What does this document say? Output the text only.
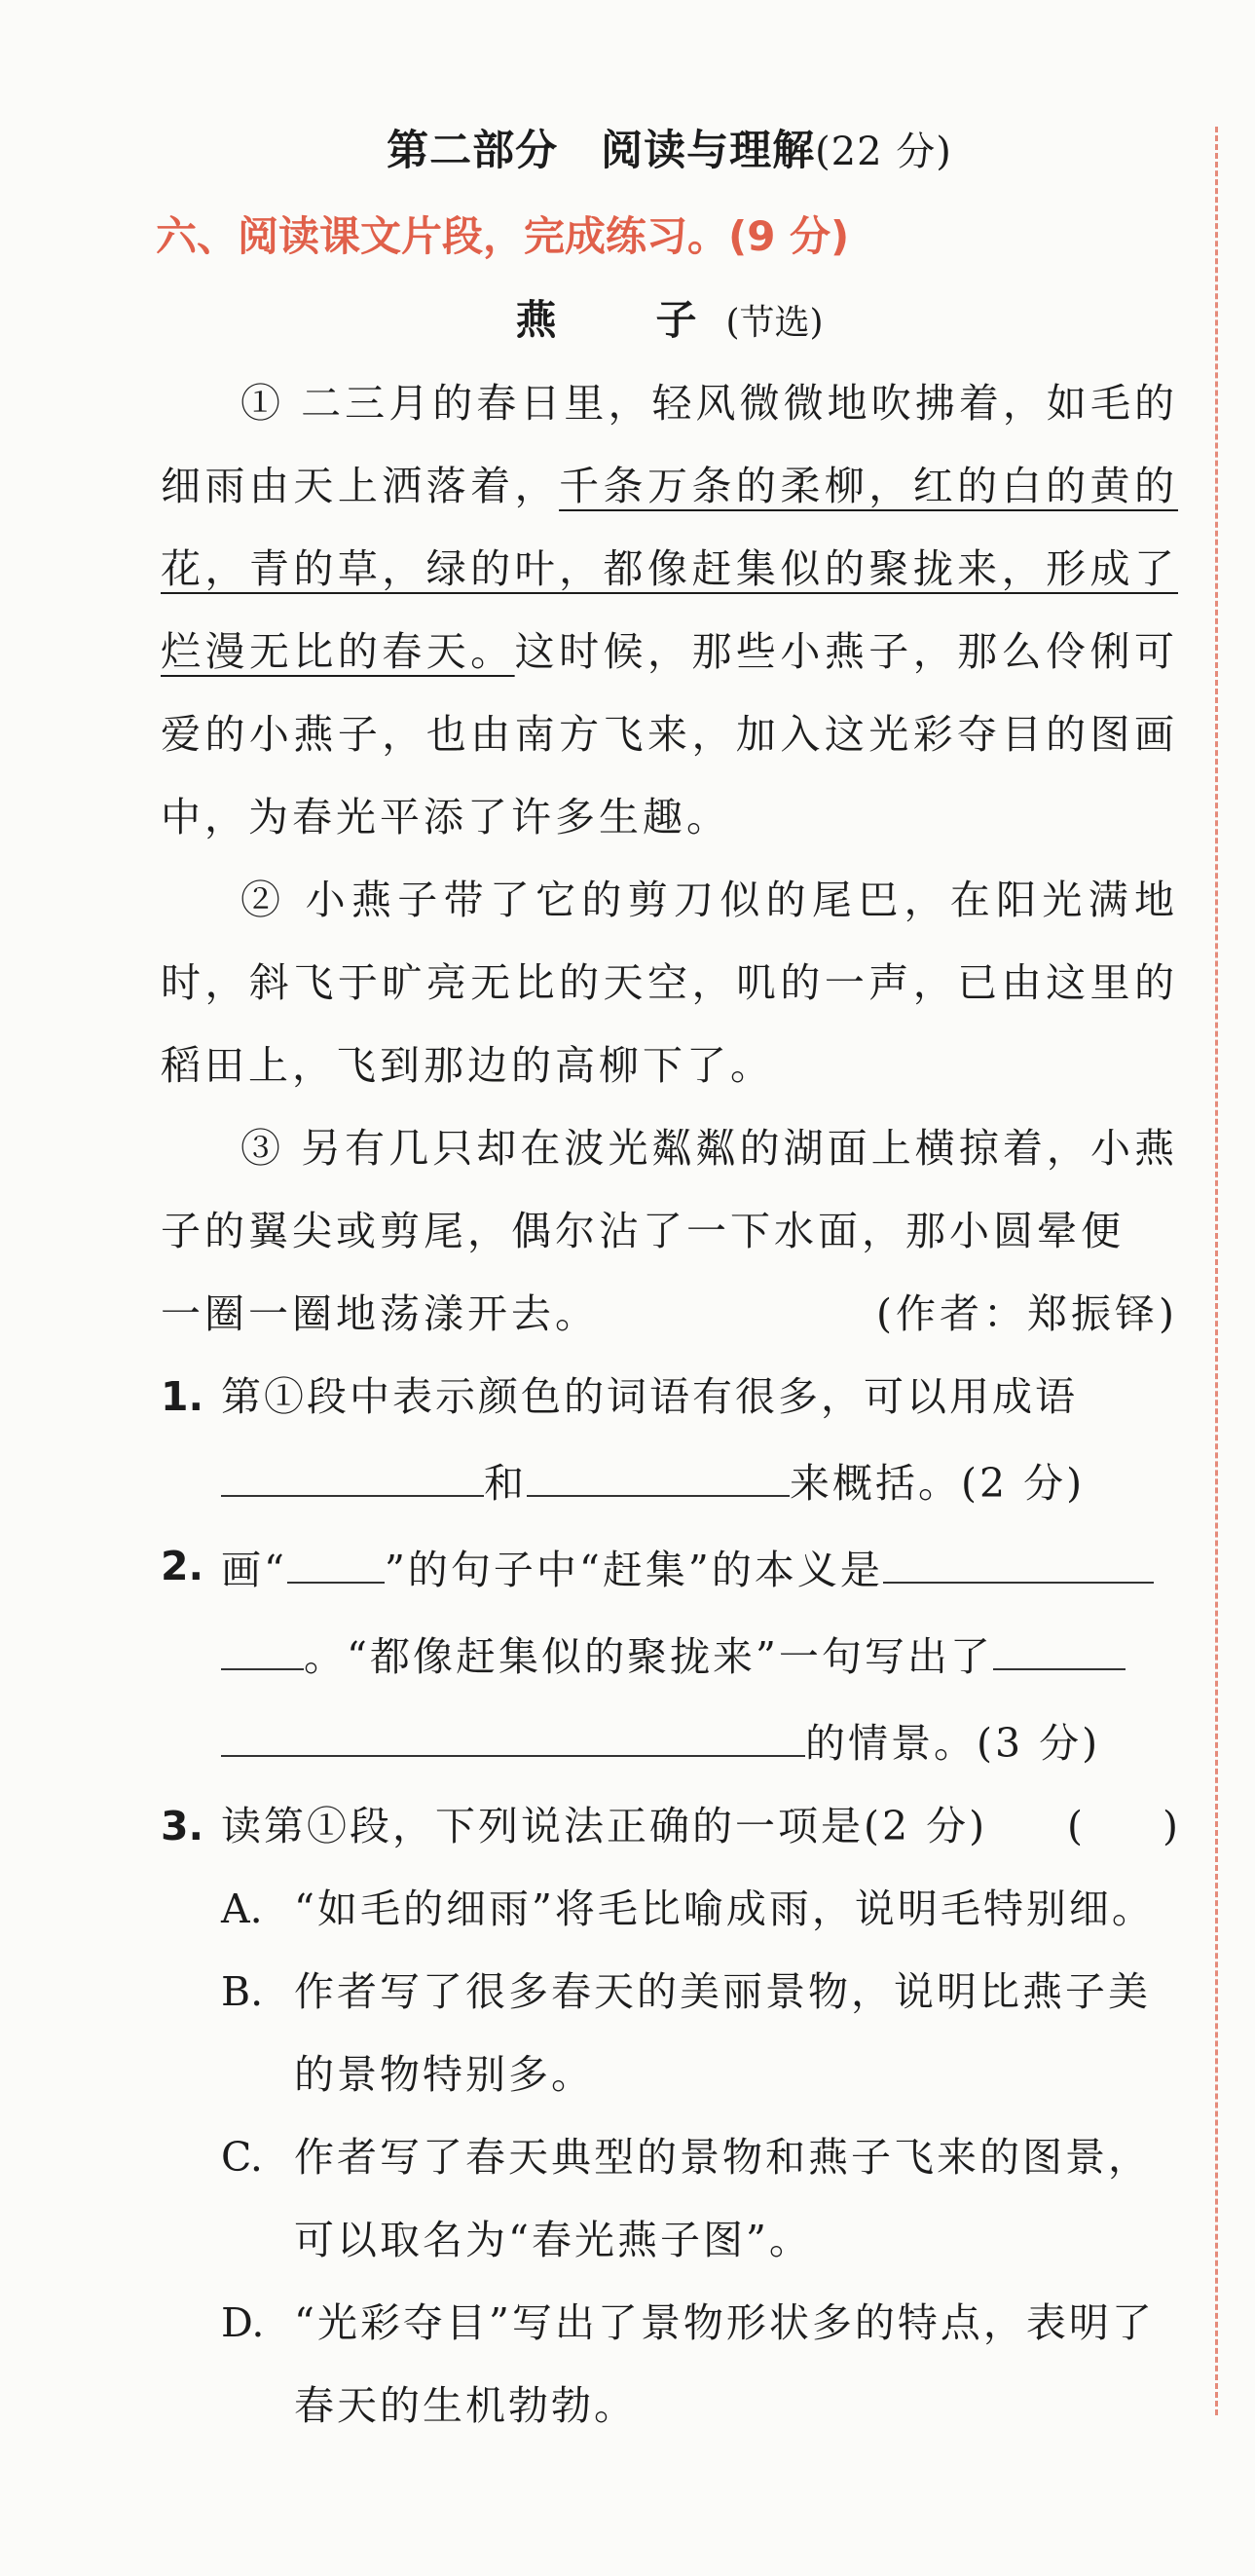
第二部分　阅读与理解(22 分)
六、阅读课文片段，完成练习。(9 分)
燕　子(节选)

① 二三月的春日里，轻风微微地吹拂着，如毛的细雨由天上洒落着，千条万条的柔柳，红的白的黄的花，青的草，绿的叶，都像赶集似的聚拢来，形成了烂漫无比的春天。这时候，那些小燕子，那么伶俐可爱的小燕子，也由南方飞来，加入这光彩夺目的图画中，为春光平添了许多生趣。

② 小燕子带了它的剪刀似的尾巴，在阳光满地时，斜飞于旷亮无比的天空，叽的一声，已由这里的稻田上，飞到那边的高柳下了。

③ 另有几只却在波光粼粼的湖面上横掠着，小燕子的翼尖或剪尾，偶尔沾了一下水面，那小圆晕便

一圈一圈地荡漾开去。	(作者：郑振铎)
1. 第①段中表示颜色的词语有很多，可以用成语
和	来概括。(2 分)
2. 画“ ”的句子中“赶集”的本义是
。“都像赶集似的聚拢来”一句写出了
的情景。(3 分)
3. 读第①段，下列说法正确的一项是(2 分) (　　)
A. “如毛的细雨”将毛比喻成雨，说明毛特别细。
B. 作者写了很多春天的美丽景物，说明比燕子美
的景物特别多。
C. 作者写了春天典型的景物和燕子飞来的图景，
可以取名为“春光燕子图”。
D. “光彩夺目”写出了景物形状多的特点，表明了
春天的生机勃勃。
